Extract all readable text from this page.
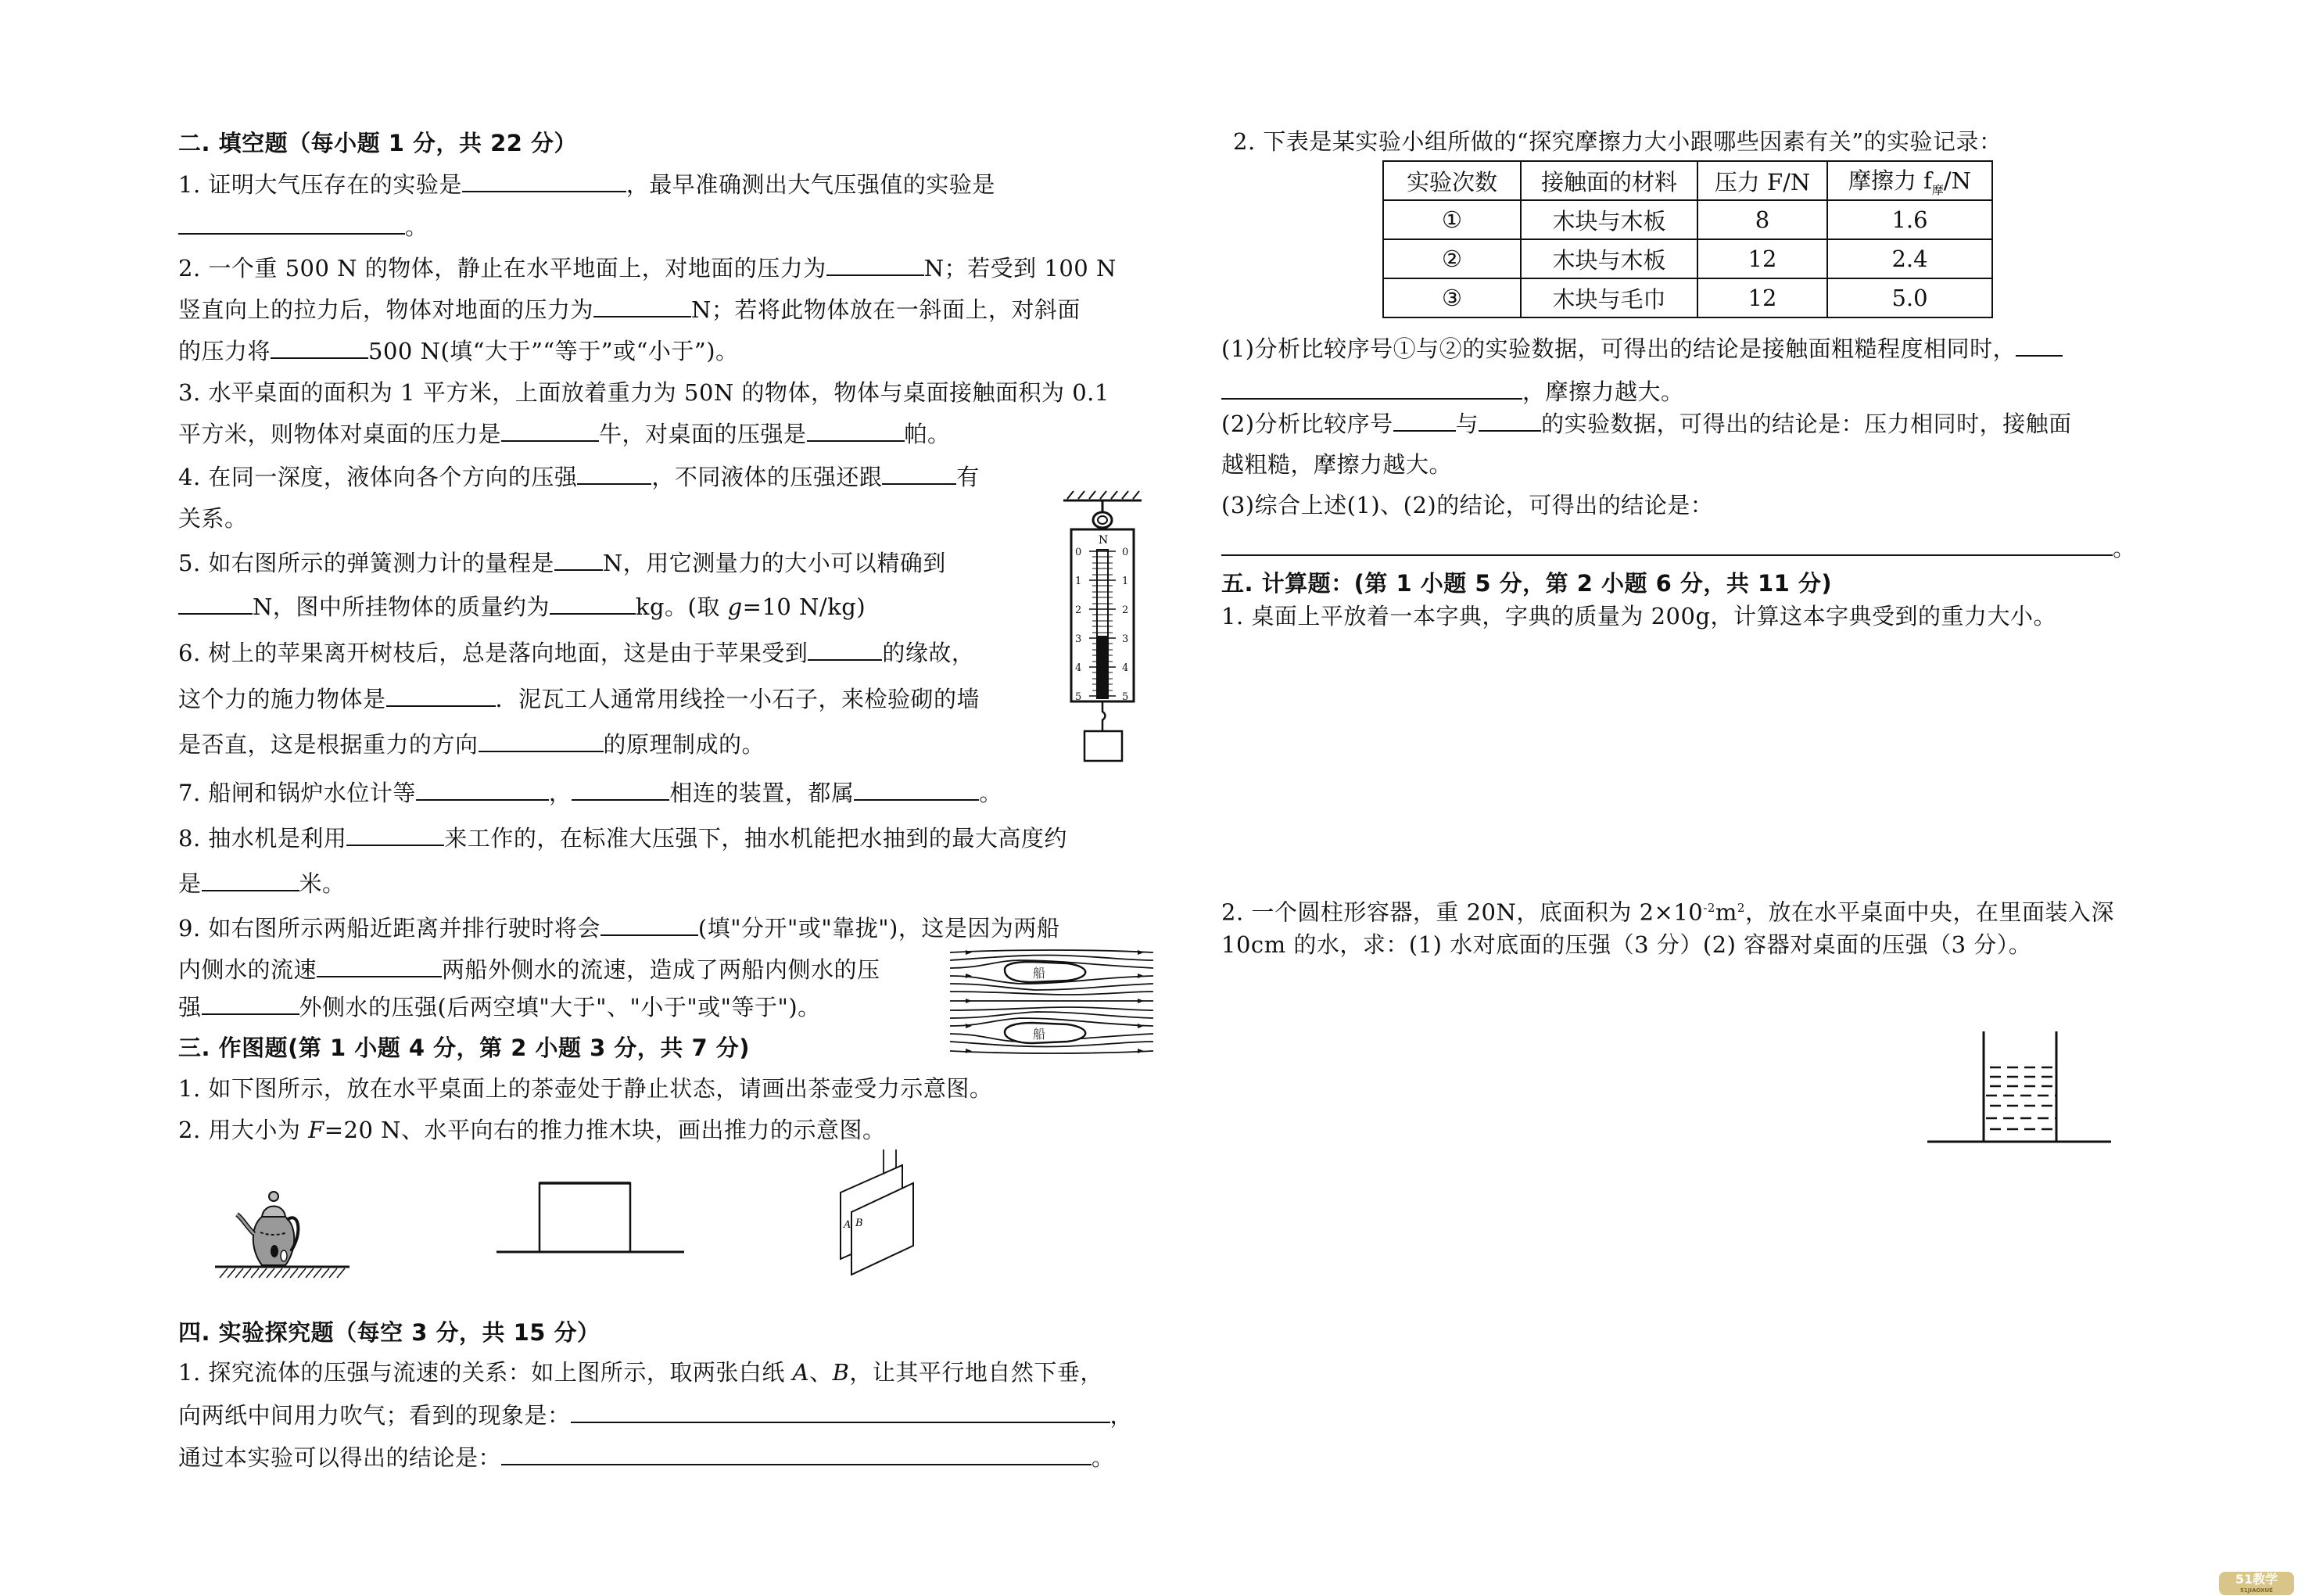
二. 填空题（每小题 1 分，共 22 分）
1. 证明大气压存在的实验是	，最早准确测出大气压强值的实验是
。
2. 一个重 500 N 的物体，静止在水平地面上，对地面的压力为	N；若受到 100 N
竖直向上的拉力后，物体对地面的压力为	N；若将此物体放在一斜面上，对斜面
的压力将	500 N(填“大于”“等于”或“小于”)。
3. 水平桌面的面积为 1 平方米，上面放着重力为 50N 的物体，物体与桌面接触面积为 0.1
平方米，则物体对桌面的压力是	牛，对桌面的压强是	帕。
4. 在同一深度，液体向各个方向的压强	，不同液体的压强还跟	有
关系。
5. 如右图所示的弹簧测力计的量程是 N，用它测量力的大小可以精确到
N，图中所挂物体的质量约为	kg。(取 g=10 N/kg)
6. 树上的苹果离开树枝后，总是落向地面，这是由于苹果受到	的缘故，
这个力的施力物体是	．泥瓦工人通常用线拴一小石子，来检验砌的墙
是否直，这是根据重力的方向	的原理制成的。
7. 船闸和锅炉水位计等	，	相连的装置，都属	。
8. 抽水机是利用	来工作的，在标准大压强下，抽水机能把水抽到的最大高度约
是	米。
9. 如右图所示两船近距离并排行驶时将会	(填"分开"或"靠拢")，这是因为两船
内侧水的流速	两船外侧水的流速，造成了两船内侧水的压
强	外侧水的压强(后两空填"大于"、"小于"或"等于")。
三. 作图题(第 1 小题 4 分，第 2 小题 3 分，共 7 分)
1. 如下图所示，放在水平桌面上的茶壶处于静止状态，请画出茶壶受力示意图。
2. 用大小为 F=20 N、水平向右的推力推木块，画出推力的示意图。
四. 实验探究题（每空 3 分，共 15 分）
1. 探究流体的压强与流速的关系：如上图所示，取两张白纸 A、B，让其平行地自然下垂，
向两纸中间用力吹气；看到的现象是：	，
通过本实验可以得出的结论是：	。
N
0	0
1	1
2	2
3	3
4	4
5	5
船
船
A B
2. 下表是某实验小组所做的“探究摩擦力大小跟哪些因素有关”的实验记录：
实验次数	接触面的材料	压力 F/N	摩擦力 $f_摩/N$
①	木块与木板	8	1.6
②	木块与木板	12	2.4
③	木块与毛巾	12	5.0
(1)分析比较序号①与②的实验数据，可得出的结论是接触面粗糙程度相同时，
，摩擦力越大。
(2)分析比较序号	与	的实验数据，可得出的结论是：压力相同时，接触面
越粗糙，摩擦力越大。
(3)综合上述(1)、(2)的结论，可得出的结论是：
。
五. 计算题：(第 1 小题 5 分，第 2 小题 6 分，共 11 分)
1. 桌面上平放着一本字典，字典的质量为 200g，计算这本字典受到的重力大小。
2. 一个圆柱形容器，重 20N，底面积为 $2\times 10^{-2}m^2$，放在水平桌面中央，在里面装入深
10cm 的水，求：(1) 水对底面的压强（3 分）(2) 容器对桌面的压强（3 分）。
51教学
51JIAOXUE
